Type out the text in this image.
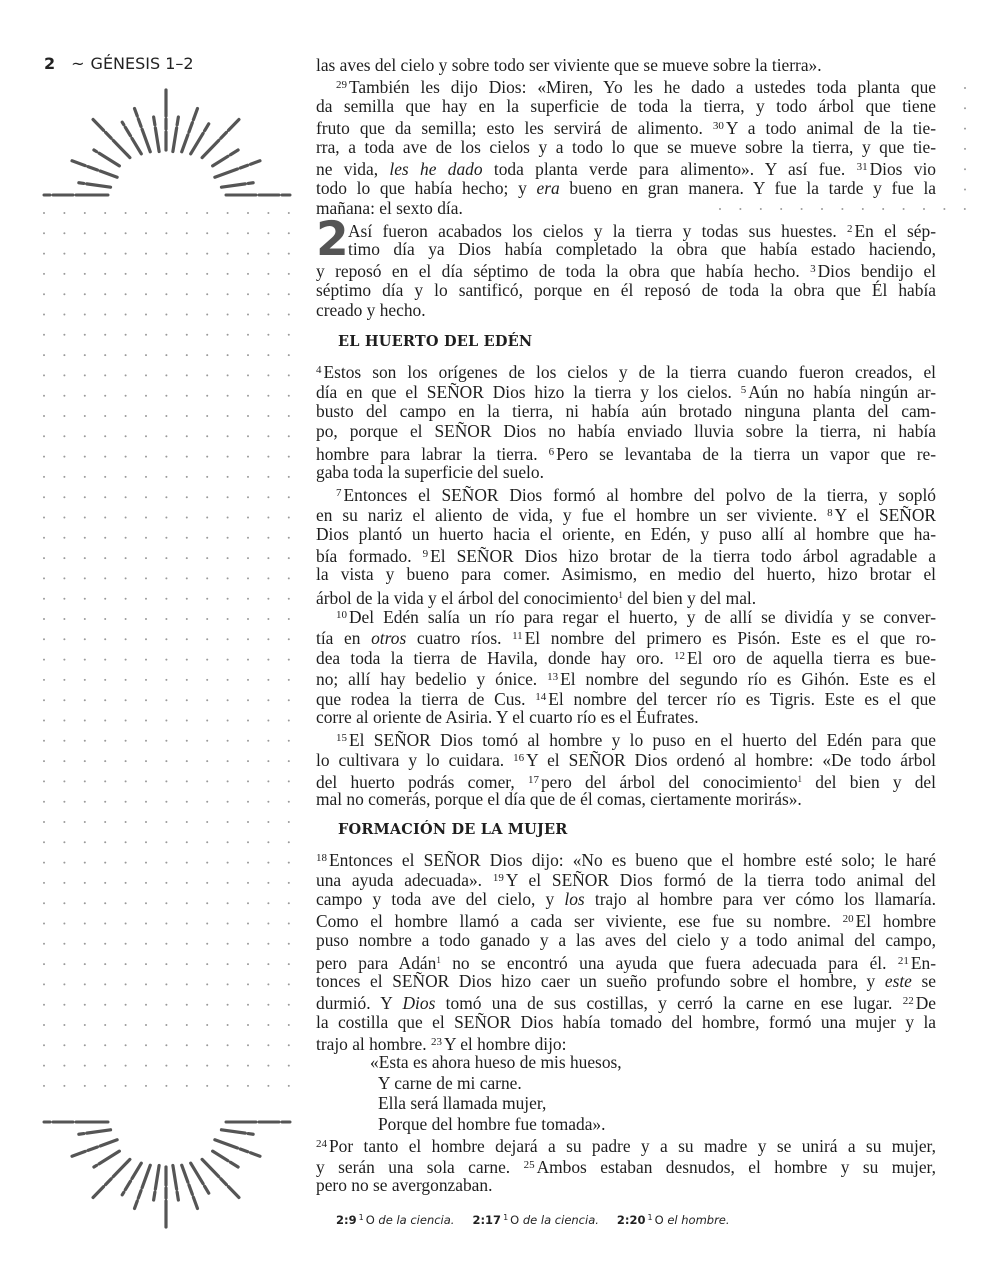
2 ~ GÉNESIS 1–2	las aves del cielo y sobre todo ser viviente que se mueve sobre la tierra».
$^{29}$ También les dijo Dios: «Miren, Yo les he dado a ustedes toda planta que
da semilla que hay en la superficie de toda la tierra, y todo árbol que tiene
fruto que da semilla; esto les servirá de alimento. $^{30}$ Y a todo animal de la tie-
rra, a toda ave de los cielos y a todo lo que se mueve sobre la tierra, y que tie-
ne vida, les he dado toda planta verde para alimento». Y así fue. $^{31}$ Dios vio
todo lo que había hecho; y era bueno en gran manera. Y fue la tarde y fue la
mañana: el sexto día.
2 Así fueron acabados los cielos y la tierra y todas sus huestes. $^2$ En el sép-
timo día ya Dios había completado la obra que había estado haciendo,
y reposó en el día séptimo de toda la obra que había hecho. $^3$ Dios bendijo el
séptimo día y lo santificó, porque en él reposó de toda la obra que Él había
creado y hecho.
EL HUERTO DEL EDÉN
$^4$ Estos son los orígenes de los cielos y de la tierra cuando fueron creados, el
día en que el SEÑOR Dios hizo la tierra y los cielos. $^5$ Aún no había ningún ar-
busto del campo en la tierra, ni había aún brotado ninguna planta del cam-
po, porque el SEÑOR Dios no había enviado lluvia sobre la tierra, ni había
hombre para labrar la tierra. $^6$ Pero se levantaba de la tierra un vapor que re-
gaba toda la superficie del suelo.
$^7$ Entonces el SEÑOR Dios formó al hombre del polvo de la tierra, y sopló
en su nariz el aliento de vida, y fue el hombre un ser viviente. $^8$ Y el SEÑOR
Dios plantó un huerto hacia el oriente, en Edén, y puso allí al hombre que ha-
bía formado. $^9$ El SEÑOR Dios hizo brotar de la tierra todo árbol agradable a
la vista y bueno para comer. Asimismo, en medio del huerto, hizo brotar el
árbol de la vida y el árbol del conocimiento$^1$ del bien y del mal.
$^{10}$ Del Edén salía un río para regar el huerto, y de allí se dividía y se conver-
tía en otros cuatro ríos. $^{11}$ El nombre del primero es Pisón. Este es el que ro-
dea toda la tierra de Havila, donde hay oro. $^{12}$ El oro de aquella tierra es bue-
no; allí hay bedelio y ónice. $^{13}$ El nombre del segundo río es Gihón. Este es el
que rodea la tierra de Cus. $^{14}$ El nombre del tercer río es Tigris. Este es el que
corre al oriente de Asiria. Y el cuarto río es el Éufrates.
$^{15}$ El SEÑOR Dios tomó al hombre y lo puso en el huerto del Edén para que
lo cultivara y lo cuidara. $^{16}$ Y el SEÑOR Dios ordenó al hombre: «De todo árbol
del huerto podrás comer, $^{17}$ pero del árbol del conocimiento$^1$ del bien y del
mal no comerás, porque el día que de él comas, ciertamente morirás».
FORMACIÓN DE LA MUJER
$^{18}$ Entonces el SEÑOR Dios dijo: «No es bueno que el hombre esté solo; le haré
una ayuda adecuada». $^{19}$ Y el SEÑOR Dios formó de la tierra todo animal del
campo y toda ave del cielo, y los trajo al hombre para ver cómo los llamaría.
Como el hombre llamó a cada ser viviente, ese fue su nombre. $^{20}$ El hombre
puso nombre a todo ganado y a las aves del cielo y a todo animal del campo,
pero para Adán$^1$ no se encontró una ayuda que fuera adecuada para él. $^{21}$ En-
tonces el SEÑOR Dios hizo caer un sueño profundo sobre el hombre, y este se
durmió. Y Dios tomó una de sus costillas, y cerró la carne en ese lugar. $^{22}$ De
la costilla que el SEÑOR Dios había tomado del hombre, formó una mujer y la
trajo al hombre. $^{23}$ Y el hombre dijo:
«Esta es ahora hueso de mis huesos,
Y carne de mi carne.
Ella será llamada mujer,
Porque del hombre fue tomada».
$^{24}$ Por tanto el hombre dejará a su padre y a su madre y se unirá a su mujer,
y serán una sola carne. $^{25}$ Ambos estaban desnudos, el hombre y su mujer,
pero no se avergonzaban.
2:9 $^1$ O de la ciencia. 2:17 $^1$ O de la ciencia. 2:20 $^1$ O el hombre.
